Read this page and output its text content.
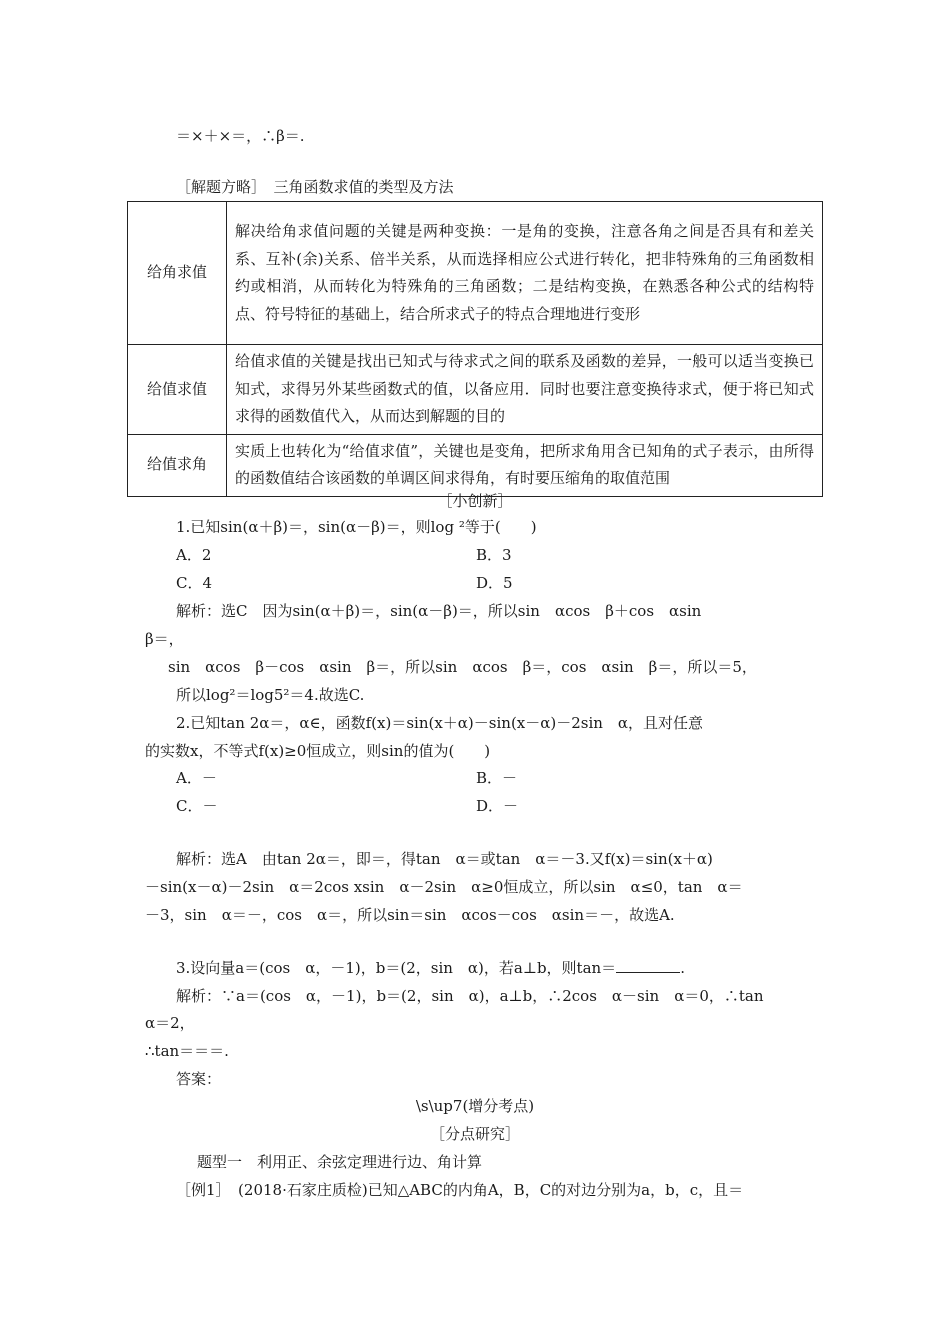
＝×＋×＝，∴β＝.
［解题方略］　三角函数求值的类型及方法
给角求值	解决给角求值问题的关键是两种变换：一是角的变换，注意各角之间是否具有和差关系、互补(余)关系、倍半关系，从而选择相应公式进行转化，把非特殊角的三角函数相约或相消，从而转化为特殊角的三角函数；二是结构变换，在熟悉各种公式的结构特点、符号特征的基础上，结合所求式子的特点合理地进行变形
给值求值	给值求值的关键是找出已知式与待求式之间的联系及函数的差异，一般可以适当变换已知式，求得另外某些函数式的值，以备应用．同时也要注意变换待求式，便于将已知式求得的函数值代入，从而达到解题的目的
给值求角	实质上也转化为“给值求值”，关键也是变角，把所求角用含已知角的式子表示，由所得的函数值结合该函数的单调区间求得角，有时要压缩角的取值范围
［小创新］
1.已知sin(α＋β)＝，sin(α－β)＝，则log ²等于(　　)
A．2	B．3
C．4	D．5
解析：选C　因为sin(α＋β)＝，sin(α－β)＝，所以sin　αcos　β＋cos　αsin
β＝，
sin　αcos　β－cos　αsin　β＝，所以sin　αcos　β＝，cos　αsin　β＝，所以＝5，
所以log²＝log5²＝4.故选C.
2.已知tan 2α＝，α∈，函数f(x)＝sin(x＋α)－sin(x－α)－2sin　α，且对任意
的实数x，不等式f(x)≥0恒成立，则sin的值为(　　)
A．－	B．－
C．－	D．－
解析：选A　由tan 2α＝，即＝，得tan　α＝或tan　α＝－3.又f(x)＝sin(x＋α)
－sin(x－α)－2sin　α＝2cos xsin　α－2sin　α≥0恒成立，所以sin　α≤0，tan　α＝
－3，sin　α＝－，cos　α＝，所以sin＝sin　αcos－cos　αsin＝－，故选A.
3.设向量a＝(cos　α，－1)，b＝(2，sin　α)，若a⊥b，则tan＝	.
解析：∵a＝(cos　α，－1)，b＝(2，sin　α)，a⊥b，∴2cos　α－sin　α＝0，∴tan
α＝2，
∴tan＝＝＝.
答案：
\s\up7(增分考点)
［分点研究］
题型一　利用正、余弦定理进行边、角计算
［例1］　(2018·石家庄质检)已知△ABC的内角A，B，C的对边分别为a，b，c，且＝
